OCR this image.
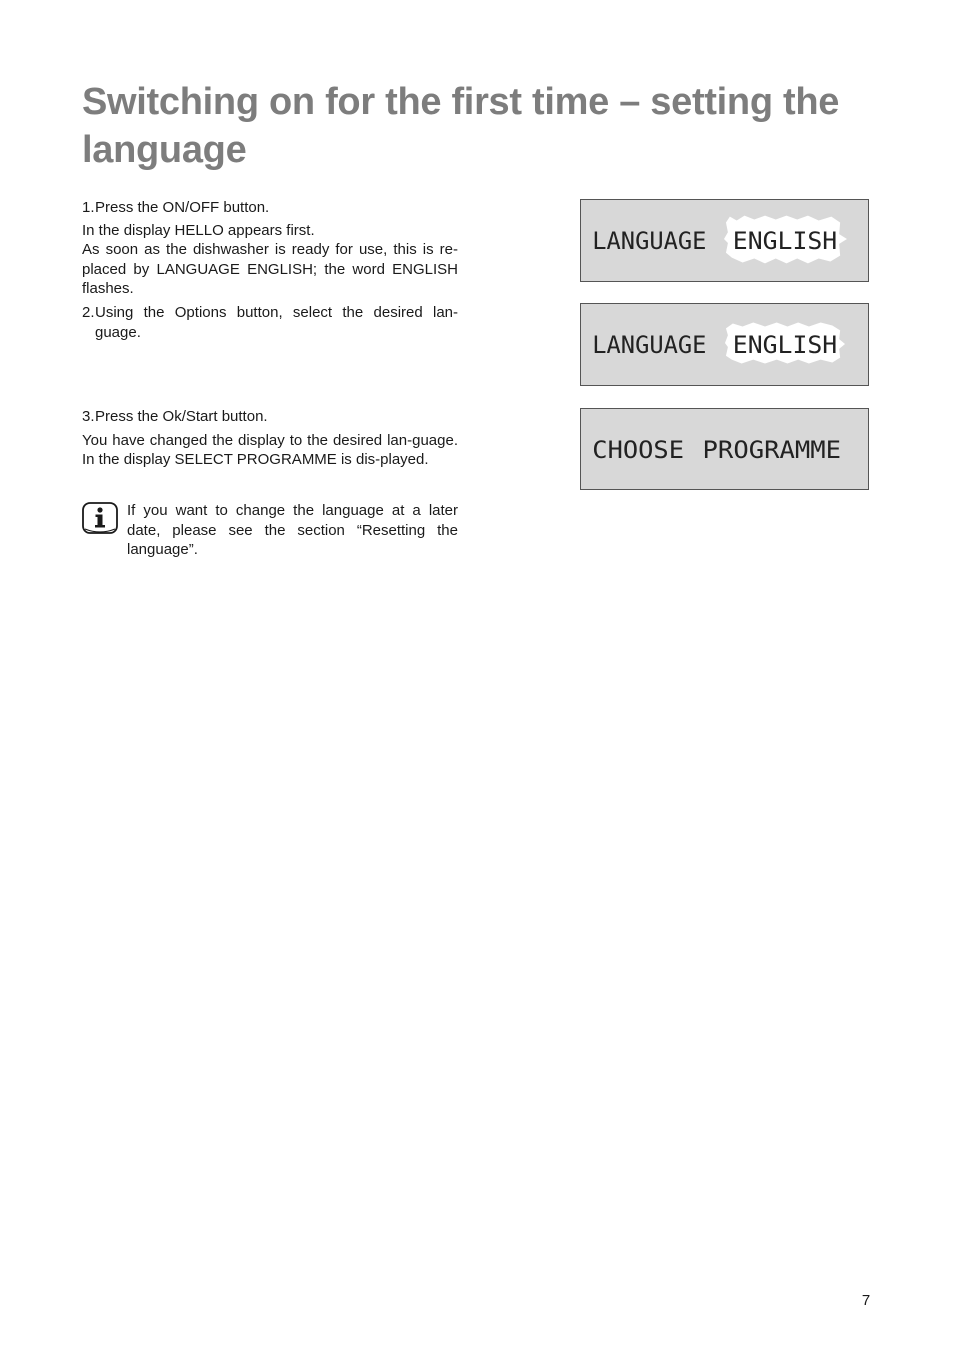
Switching on for the first time – setting the language
1. Press the ON/OFF button.

In the display HELLO appears first.

As soon as the dishwasher is ready for use, this is re-placed by LANGUAGE ENGLISH; the word ENGLISH flashes.

2. Using the Options button, select the desired lan-guage.
3. Press the Ok/Start button.

You have changed the display to the desired lan-guage. In the display SELECT PROGRAMME is dis-played.

If you want to change the language at a later date, please see the section “Resetting the language”.

LANGUAGE ENGLISH
LANGUAGE ENGLISH
CHOOSE PROGRAMME
7
